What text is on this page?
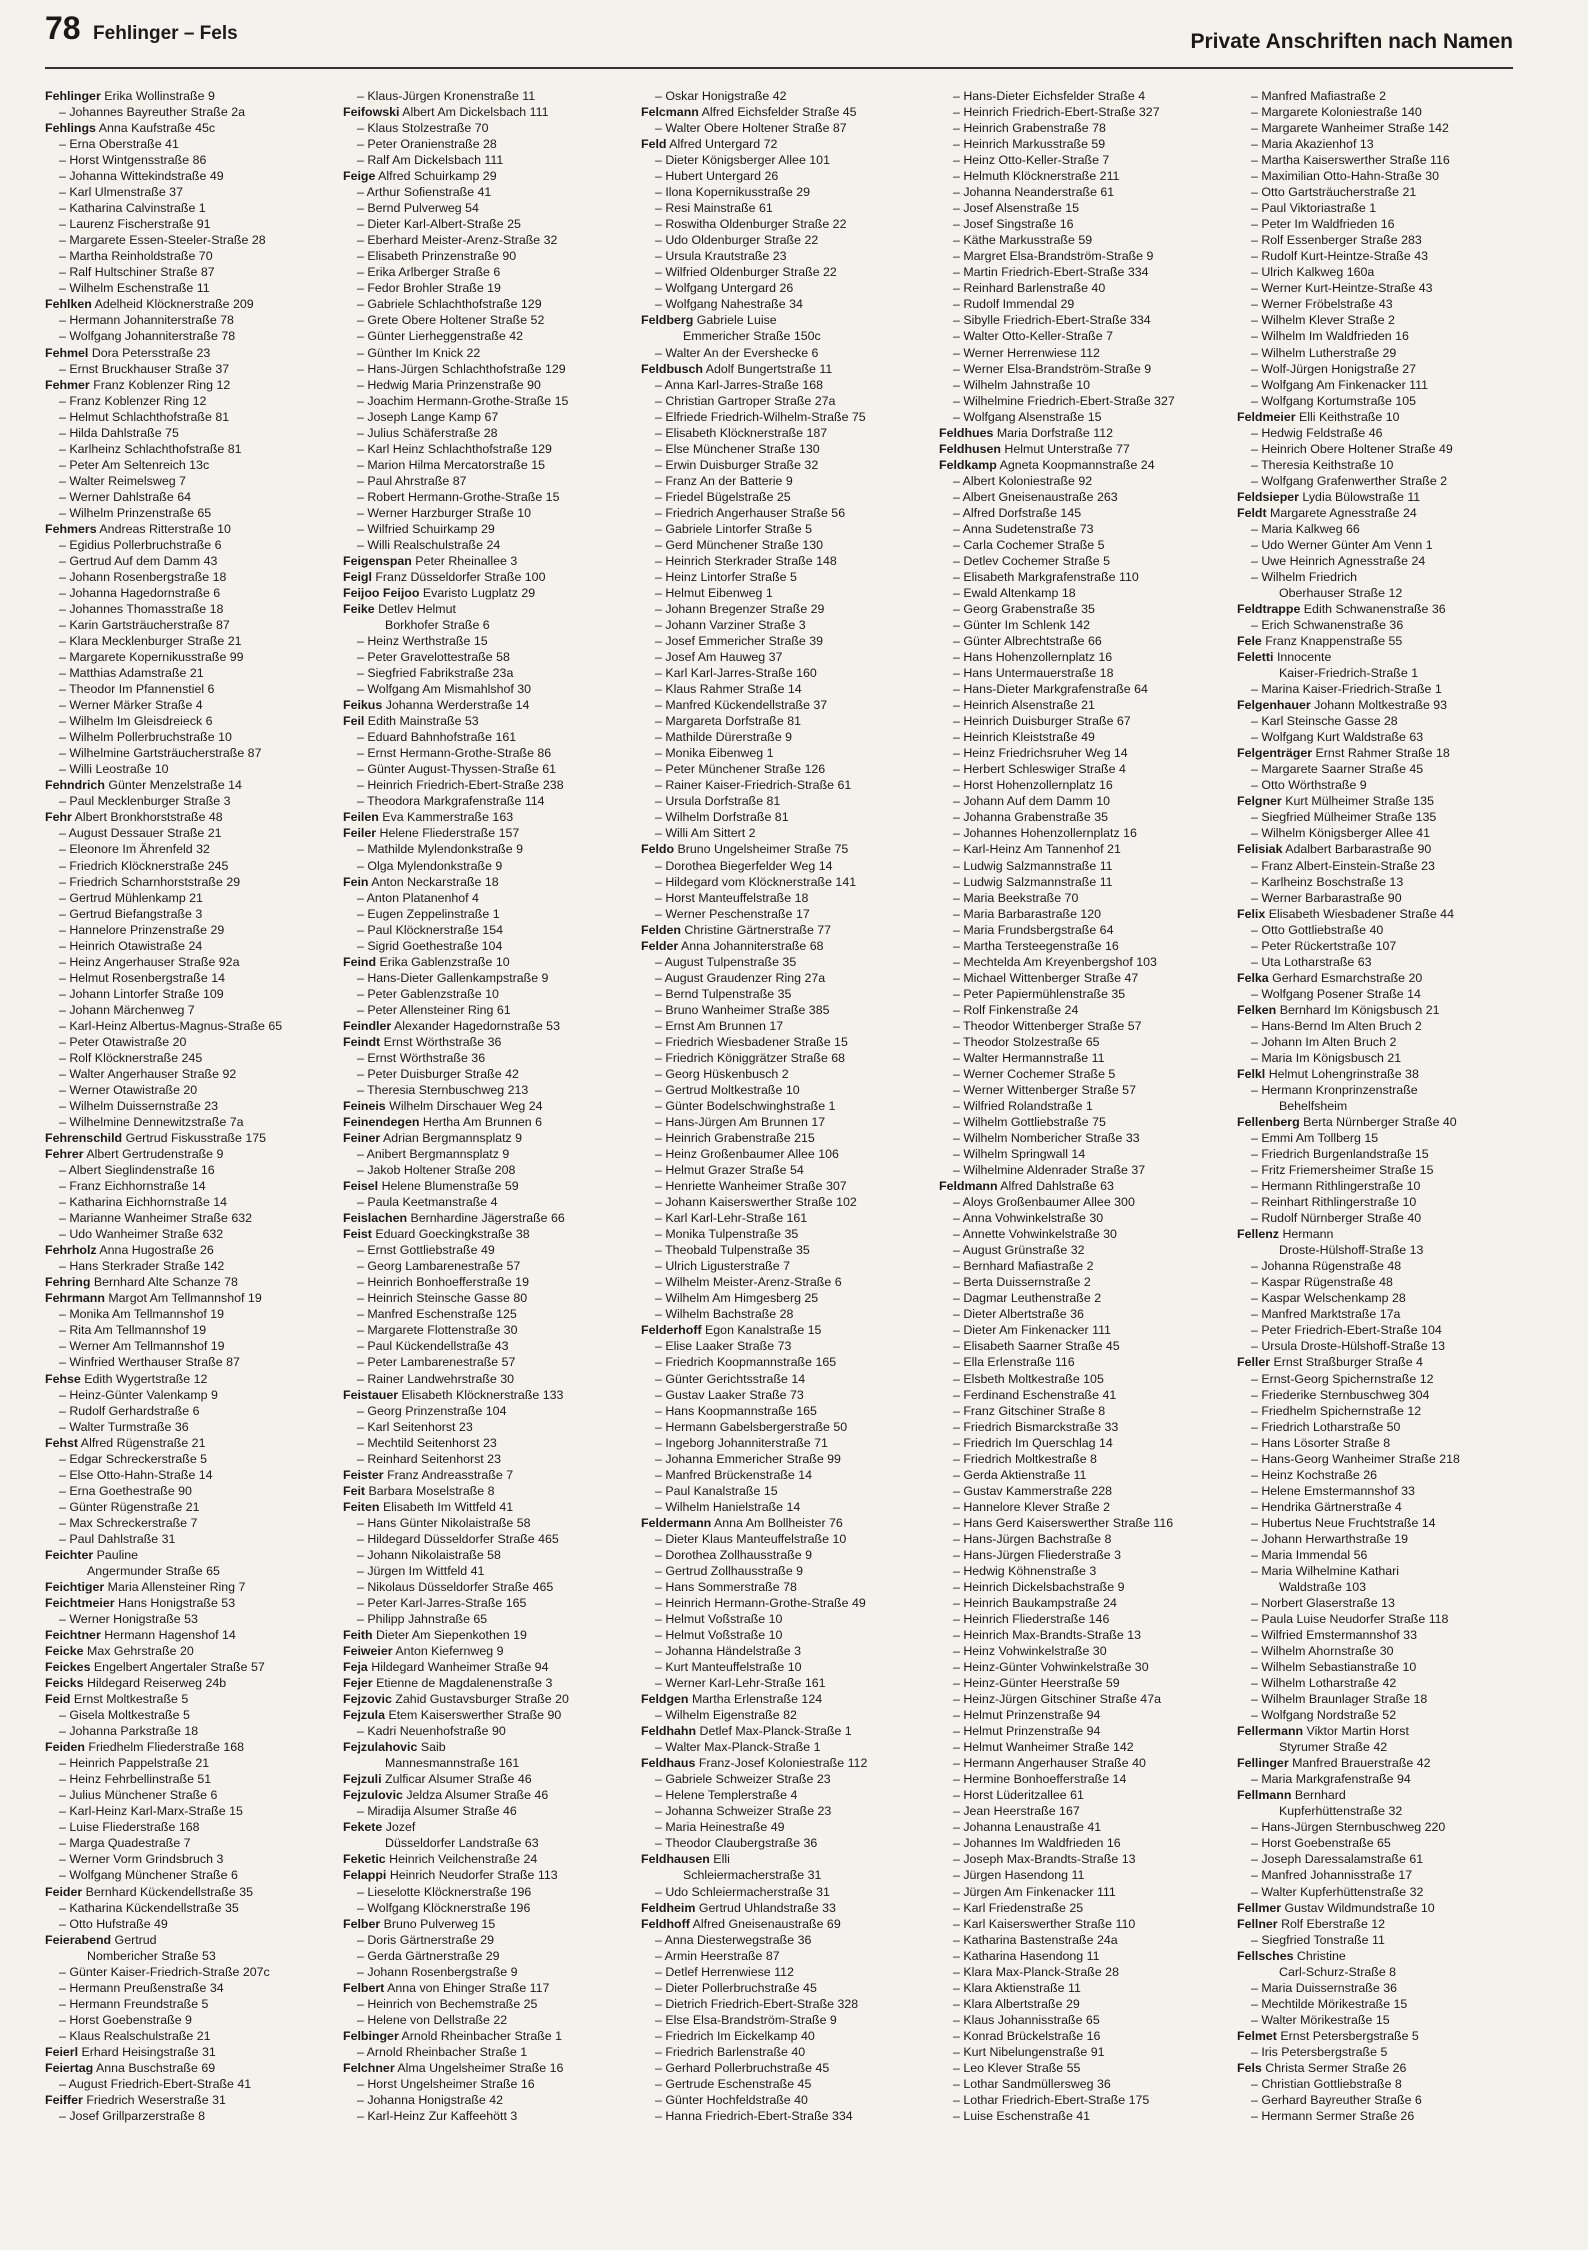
78 Fehlinger – Fels	Private Anschriften nach Namen
Fehlinger Erika Wollinstraße 9
– Johannes Bayreuther Straße 2a
Fehlings Anna Kaufstraße 45c
– Erna Oberstraße 41
– Horst Wintgensstraße 86
– Johanna Wittekindstraße 49
– Karl Ulmenstraße 37
– Katharina Calvinstraße 1
– Laurenz Fischerstraße 91
– Margarete Essen-Steeler-Straße 28
– Martha Reinholdstraße 70
– Ralf Hultschiner Straße 87
– Wilhelm Eschenstraße 11
Fehlken Adelheid Klöcknerstraße 209
– Hermann Johanniterstraße 78
– Wolfgang Johanniterstraße 78
Fehmel Dora Petersstraße 23
– Ernst Bruckhauser Straße 37
Fehmer Franz Koblenzer Ring 12
– Franz Koblenzer Ring 12
– Helmut Schlachthofstraße 81
– Hilda Dahlstraße 75
– Karlheinz Schlachthofstraße 81
– Peter Am Seltenreich 13c
– Walter Reimelsweg 7
– Werner Dahlstraße 64
– Wilhelm Prinzenstraße 65
Fehmers Andreas Ritterstraße 10
– Egidius Pollerbruchstraße 6
– Gertrud Auf dem Damm 43
– Johann Rosenbergstraße 18
– Johanna Hagedornstraße 6
– Johannes Thomasstraße 18
– Karin Gartsträucherstraße 87
– Klara Mecklenburger Straße 21
– Margarete Kopernikusstraße 99
– Matthias Adamstraße 21
– Theodor Im Pfannenstiel 6
– Werner Märker Straße 4
– Wilhelm Im Gleisdreieck 6
– Wilhelm Pollerbruchstraße 10
– Wilhelmine Gartsträucherstraße 87
– Willi Leostraße 10
Fehndrich Günter Menzelstraße 14
– Paul Mecklenburger Straße 3
Fehr Albert Bronkhorststraße 48
– August Dessauer Straße 21
– Eleonore Im Ährenfeld 32
– Friedrich Klöcknerstraße 245
– Friedrich Scharnhorststraße 29
– Gertrud Mühlenkamp 21
– Gertrud Biefangstraße 3
– Hannelore Prinzenstraße 29
– Heinrich Otawistraße 24
– Heinz Angerhauser Straße 92a
– Helmut Rosenbergstraße 14
– Johann Lintorfer Straße 109
– Johann Märchenweg 7
– Karl-Heinz Albertus-Magnus-Straße 65
– Peter Otawistraße 20
– Rolf Klöcknerstraße 245
– Walter Angerhauser Straße 92
– Werner Otawistraße 20
– Wilhelm Duissernstraße 23
– Wilhelmine Dennewitzstraße 7a
Fehrenschild Gertrud Fiskusstraße 175
Fehrer Albert Gertrudenstraße 9
– Albert Sieglindenstraße 16
– Franz Eichhornstraße 14
– Katharina Eichhornstraße 14
– Marianne Wanheimer Straße 632
– Udo Wanheimer Straße 632
Fehrholz Anna Hugostraße 26
– Hans Sterkrader Straße 142
Fehring Bernhard Alte Schanze 78
Fehrmann Margot Am Tellmannshof 19
– Monika Am Tellmannshof 19
– Rita Am Tellmannshof 19
– Werner Am Tellmannshof 19
– Winfried Werthauser Straße 87
Fehse Edith Wygertstraße 12
– Heinz-Günter Valenkamp 9
– Rudolf Gerhardstraße 6
– Walter Turmstraße 36
Fehst Alfred Rügenstraße 21
– Edgar Schreckerstraße 5
– Else Otto-Hahn-Straße 14
– Erna Goethestraße 90
– Günter Rügenstraße 21
– Max Schreckerstraße 7
– Paul Dahlstraße 31
Feichter Pauline
Angermunder Straße 65
Feichtiger Maria Allensteiner Ring 7
Feichtmeier Hans Honigstraße 53
– Werner Honigstraße 53
Feichtner Hermann Hagenshof 14
Feicke Max Gehrstraße 20
Feickes Engelbert Angertaler Straße 57
Feicks Hildegard Reiserweg 24b
Feid Ernst Moltkestraße 5
– Gisela Moltkestraße 5
– Johanna Parkstraße 18
Feiden Friedhelm Fliederstraße 168
– Heinrich Pappelstraße 21
– Heinz Fehrbellinstraße 51
– Julius Münchener Straße 6
– Karl-Heinz Karl-Marx-Straße 15
– Luise Fliederstraße 168
– Marga Quadestraße 7
– Werner Vorm Grindsbruch 3
– Wolfgang Münchener Straße 6
Feider Bernhard Kückendellstraße 35
– Katharina Kückendellstraße 35
– Otto Hufstraße 49
Feierabend Gertrud
Nombericher Straße 53
– Günter Kaiser-Friedrich-Straße 207c
– Hermann Preußenstraße 34
– Hermann Freundstraße 5
– Horst Goebenstraße 9
– Klaus Realschulstraße 21
Feierl Erhard Heisingstraße 31
Feiertag Anna Buschstraße 69
– August Friedrich-Ebert-Straße 41
Feiffer Friedrich Weserstraße 31
– Josef Grillparzerstraße 8
– Klaus-Jürgen Kronenstraße 11
Feifowski Albert Am Dickelsbach 111
– Klaus Stolzestraße 70
– Peter Oranienstraße 28
– Ralf Am Dickelsbach 111
Feige Alfred Schuirkamp 29
– Arthur Sofienstraße 41
– Bernd Pulverweg 54
– Dieter Karl-Albert-Straße 25
– Eberhard Meister-Arenz-Straße 32
– Elisabeth Prinzenstraße 90
– Erika Arlberger Straße 6
– Fedor Brohler Straße 19
– Gabriele Schlachthofstraße 129
– Grete Obere Holtener Straße 52
– Günter Lierheggenstraße 42
– Günther Im Knick 22
– Hans-Jürgen Schlachthofstraße 129
– Hedwig Maria Prinzenstraße 90
– Joachim Hermann-Grothe-Straße 15
– Joseph Lange Kamp 67
– Julius Schäferstraße 28
– Karl Heinz Schlachthofstraße 129
– Marion Hilma Mercatorstraße 15
– Paul Ahrstraße 87
– Robert Hermann-Grothe-Straße 15
– Werner Harzburger Straße 10
– Wilfried Schuirkamp 29
– Willi Realschulstraße 24
Feigenspan Peter Rheinallee 3
Feigl Franz Düsseldorfer Straße 100
Feijoo Feijoo Evaristo Lugplatz 29
Feike Detlev Helmut
Borkhofer Straße 6
– Heinz Werthstraße 15
– Peter Gravelottestraße 58
– Siegfried Fabrikstraße 23a
– Wolfgang Am Mismahlshof 30
Feikus Johanna Werderstraße 14
Feil Edith Mainstraße 53
– Eduard Bahnhofstraße 161
– Ernst Hermann-Grothe-Straße 86
– Günter August-Thyssen-Straße 61
– Heinrich Friedrich-Ebert-Straße 238
– Theodora Markgrafenstraße 114
Feilen Eva Kammerstraße 163
Feiler Helene Fliederstraße 157
– Mathilde Mylendonkstraße 9
– Olga Mylendonkstraße 9
Fein Anton Neckarstraße 18
– Anton Platanenhof 4
– Eugen Zeppelinstraße 1
– Paul Klöcknerstraße 154
– Sigrid Goethestraße 104
Feind Erika Gablenzstraße 10
– Hans-Dieter Gallenkampstraße 9
– Peter Gablenzstraße 10
– Peter Allensteiner Ring 61
Feindler Alexander Hagedornstraße 53
Feindt Ernst Wörthstraße 36
– Ernst Wörthstraße 36
– Peter Duisburger Straße 42
– Theresia Sternbuschweg 213
Feineis Wilhelm Dirschauer Weg 24
Feinendegen Hertha Am Brunnen 6
Feiner Adrian Bergmannsplatz 9
– Anibert Bergmannsplatz 9
– Jakob Holtener Straße 208
Feisel Helene Blumenstraße 59
– Paula Keetmanstraße 4
Feislachen Bernhardine Jägerstraße 66
Feist Eduard Goeckingkstraße 38
– Ernst Gottliebstraße 49
– Georg Lambarenestraße 57
– Heinrich Bonhoefferstraße 19
– Heinrich Steinsche Gasse 80
– Manfred Eschenstraße 125
– Margarete Flottenstraße 30
– Paul Kückendellstraße 43
– Peter Lambarenestraße 57
– Rainer Landwehrstraße 30
Feistauer Elisabeth Klöcknerstraße 133
– Georg Prinzenstraße 104
– Karl Seitenhorst 23
– Mechtild Seitenhorst 23
– Reinhard Seitenhorst 23
Feister Franz Andreasstraße 7
Feit Barbara Moselstraße 8
Feiten Elisabeth Im Wittfeld 41
– Hans Günter Nikolaistraße 58
– Hildegard Düsseldorfer Straße 465
– Johann Nikolaistraße 58
– Jürgen Im Wittfeld 41
– Nikolaus Düsseldorfer Straße 465
– Peter Karl-Jarres-Straße 165
– Philipp Jahnstraße 65
Feith Dieter Am Siepenkothen 19
Feiweier Anton Kiefernweg 9
Feja Hildegard Wanheimer Straße 94
Fejer Etienne de Magdalenenstraße 3
Fejzovic Zahid Gustavsburger Straße 20
Fejzula Etem Kaiserswerther Straße 90
– Kadri Neuenhofstraße 90
Fejzulahovic Saib
Mannesmannstraße 161
Fejzuli Zulficar Alsumer Straße 46
Fejzulovic Jeldza Alsumer Straße 46
– Miradija Alsumer Straße 46
Fekete Jozef
Düsseldorfer Landstraße 63
Feketic Heinrich Veilchenstraße 24
Felappi Heinrich Neudorfer Straße 113
– Lieselotte Klöcknerstraße 196
– Wolfgang Klöcknerstraße 196
Felber Bruno Pulverweg 15
– Doris Gärtnerstraße 29
– Gerda Gärtnerstraße 29
– Johann Rosenbergstraße 9
Felbert Anna von Ehinger Straße 117
– Heinrich von Bechemstraße 25
– Helene von Dellstraße 22
Felbinger Arnold Rheinbacher Straße 1
– Arnold Rheinbacher Straße 1
Felchner Alma Ungelsheimer Straße 16
– Horst Ungelsheimer Straße 16
– Johanna Honigstraße 42
– Karl-Heinz Zur Kaffeehött 3
– Oskar Honigstraße 42
Felcmann Alfred Eichsfelder Straße 45
– Walter Obere Holtener Straße 87
Feld Alfred Untergard 72
– Dieter Königsberger Allee 101
– Hubert Untergard 26
– Ilona Kopernikusstraße 29
– Resi Mainstraße 61
– Roswitha Oldenburger Straße 22
– Udo Oldenburger Straße 22
– Ursula Krautstraße 23
– Wilfried Oldenburger Straße 22
– Wolfgang Untergard 26
– Wolfgang Nahestraße 34
Feldberg Gabriele Luise
Emmericher Straße 150c
– Walter An der Evershecke 6
Feldbusch Adolf Bungertstraße 11
– Anna Karl-Jarres-Straße 168
– Christian Gartroper Straße 27a
– Elfriede Friedrich-Wilhelm-Straße 75
– Elisabeth Klöcknerstraße 187
– Else Münchener Straße 130
– Erwin Duisburger Straße 32
– Franz An der Batterie 9
– Friedel Bügelstraße 25
– Friedrich Angerhauser Straße 56
– Gabriele Lintorfer Straße 5
– Gerd Münchener Straße 130
– Heinrich Sterkrader Straße 148
– Heinz Lintorfer Straße 5
– Helmut Eibenweg 1
– Johann Bregenzer Straße 29
– Johann Varziner Straße 3
– Josef Emmericher Straße 39
– Josef Am Hauweg 37
– Karl Karl-Jarres-Straße 160
– Klaus Rahmer Straße 14
– Manfred Kückendellstraße 37
– Margareta Dorfstraße 81
– Mathilde Dürerstraße 9
– Monika Eibenweg 1
– Peter Münchener Straße 126
– Rainer Kaiser-Friedrich-Straße 61
– Ursula Dorfstraße 81
– Wilhelm Dorfstraße 81
– Willi Am Sittert 2
Feldo Bruno Ungelsheimer Straße 75
– Dorothea Biegerfelder Weg 14
– Hildegard vom Klöcknerstraße 141
– Horst Manteuffelstraße 18
– Werner Peschenstraße 17
Felden Christine Gärtnerstraße 77
Felder Anna Johanniterstraße 68
– August Tulpenstraße 35
– August Graudenzer Ring 27a
– Bernd Tulpenstraße 35
– Bruno Wanheimer Straße 385
– Ernst Am Brunnen 17
– Friedrich Wiesbadener Straße 15
– Friedrich Königgrätzer Straße 68
– Georg Hüskenbusch 2
– Gertrud Moltkestraße 10
– Günter Bodelschwinghstraße 1
– Hans-Jürgen Am Brunnen 17
– Heinrich Grabenstraße 215
– Heinz Großenbaumer Allee 106
– Helmut Grazer Straße 54
– Henriette Wanheimer Straße 307
– Johann Kaiserswerther Straße 102
– Karl Karl-Lehr-Straße 161
– Monika Tulpenstraße 35
– Theobald Tulpenstraße 35
– Ulrich Ligusterstraße 7
– Wilhelm Meister-Arenz-Straße 6
– Wilhelm Am Himgesberg 25
– Wilhelm Bachstraße 28
Felderhoff Egon Kanalstraße 15
– Elise Laaker Straße 73
– Friedrich Koopmannstraße 165
– Günter Gerichtsstraße 14
– Gustav Laaker Straße 73
– Hans Koopmannstraße 165
– Hermann Gabelsbergerstraße 50
– Ingeborg Johanniterstraße 71
– Johanna Emmericher Straße 99
– Manfred Brückenstraße 14
– Paul Kanalstraße 15
– Wilhelm Hanielstraße 14
Feldermann Anna Am Bollheister 76
– Dieter Klaus Manteuffelstraße 10
– Dorothea Zollhausstraße 9
– Gertrud Zollhausstraße 9
– Hans Sommerstraße 78
– Heinrich Hermann-Grothe-Straße 49
– Helmut Voßstraße 10
– Helmut Voßstraße 10
– Johanna Händelstraße 3
– Kurt Manteuffelstraße 10
– Werner Karl-Lehr-Straße 161
Feldgen Martha Erlenstraße 124
– Wilhelm Eigenstraße 82
Feldhahn Detlef Max-Planck-Straße 1
– Walter Max-Planck-Straße 1
Feldhaus Franz-Josef Koloniestraße 112
– Gabriele Schweizer Straße 23
– Helene Templerstraße 4
– Johanna Schweizer Straße 23
– Maria Heinestraße 49
– Theodor Claubergstraße 36
Feldhausen Elli
Schleiermacherstraße 31
– Udo Schleiermacherstraße 31
Feldheim Gertrud Uhlandstraße 33
Feldhoff Alfred Gneisenaustraße 69
– Anna Diesterwegstraße 36
– Armin Heerstraße 87
– Detlef Herrenwiese 112
– Dieter Pollerbruchstraße 45
– Dietrich Friedrich-Ebert-Straße 328
– Else Elsa-Brandström-Straße 9
– Friedrich Im Eickelkamp 40
– Friedrich Barlenstraße 40
– Gerhard Pollerbruchstraße 45
– Gertrude Eschenstraße 45
– Günter Hochfeldstraße 40
– Hanna Friedrich-Ebert-Straße 334
– Hans-Dieter Eichsfelder Straße 4
– Heinrich Friedrich-Ebert-Straße 327
– Heinrich Grabenstraße 78
– Heinrich Markusstraße 59
– Heinz Otto-Keller-Straße 7
– Helmuth Klöcknerstraße 211
– Johanna Neanderstraße 61
– Josef Alsenstraße 15
– Josef Singstraße 16
– Käthe Markusstraße 59
– Margret Elsa-Brandström-Straße 9
– Martin Friedrich-Ebert-Straße 334
– Reinhard Barlenstraße 40
– Rudolf Immendal 29
– Sibylle Friedrich-Ebert-Straße 334
– Walter Otto-Keller-Straße 7
– Werner Herrenwiese 112
– Werner Elsa-Brandström-Straße 9
– Wilhelm Jahnstraße 10
– Wilhelmine Friedrich-Ebert-Straße 327
– Wolfgang Alsenstraße 15
Feldhues Maria Dorfstraße 112
Feldhusen Helmut Unterstraße 77
Feldkamp Agneta Koopmannstraße 24
– Albert Koloniestraße 92
– Albert Gneisenaustraße 263
– Alfred Dorfstraße 145
– Anna Sudetenstraße 73
– Carla Cochemer Straße 5
– Detlev Cochemer Straße 5
– Elisabeth Markgrafenstraße 110
– Ewald Altenkamp 18
– Georg Grabenstraße 35
– Günter Im Schlenk 142
– Günter Albrechtstraße 66
– Hans Hohenzollernplatz 16
– Hans Untermauerstraße 18
– Hans-Dieter Markgrafenstraße 64
– Heinrich Alsenstraße 21
– Heinrich Duisburger Straße 67
– Heinrich Kleiststraße 49
– Heinz Friedrichsruher Weg 14
– Herbert Schleswiger Straße 4
– Horst Hohenzollernplatz 16
– Johann Auf dem Damm 10
– Johanna Grabenstraße 35
– Johannes Hohenzollernplatz 16
– Karl-Heinz Am Tannenhof 21
– Ludwig Salzmannstraße 11
– Ludwig Salzmannstraße 11
– Maria Beekstraße 70
– Maria Barbarastraße 120
– Maria Frundsbergstraße 64
– Martha Tersteegenstraße 16
– Mechtelda Am Kreyenbergshof 103
– Michael Wittenberger Straße 47
– Peter Papiermühlenstraße 35
– Rolf Finkenstraße 24
– Theodor Wittenberger Straße 57
– Theodor Stolzestraße 65
– Walter Hermannstraße 11
– Werner Cochemer Straße 5
– Werner Wittenberger Straße 57
– Wilfried Rolandstraße 1
– Wilhelm Gottliebstraße 75
– Wilhelm Nombericher Straße 33
– Wilhelm Springwall 14
– Wilhelmine Aldenrader Straße 37
Feldmann Alfred Dahlstraße 63
– Aloys Großenbaumer Allee 300
– Anna Vohwinkelstraße 30
– Annette Vohwinkelstraße 30
– August Grünstraße 32
– Bernhard Mafiastraße 2
– Berta Duissernstraße 2
– Dagmar Leuthenstraße 2
– Dieter Albertstraße 36
– Dieter Am Finkenacker 111
– Elisabeth Saarner Straße 45
– Ella Erlenstraße 116
– Elsbeth Moltkestraße 105
– Ferdinand Eschenstraße 41
– Franz Gitschiner Straße 8
– Friedrich Bismarckstraße 33
– Friedrich Im Querschlag 14
– Friedrich Moltkestraße 8
– Gerda Aktienstraße 11
– Gustav Kammerstraße 228
– Hannelore Klever Straße 2
– Hans Gerd Kaiserswerther Straße 116
– Hans-Jürgen Bachstraße 8
– Hans-Jürgen Fliederstraße 3
– Hedwig Köhnenstraße 3
– Heinrich Dickelsbachstraße 9
– Heinrich Baukampstraße 24
– Heinrich Fliederstraße 146
– Heinrich Max-Brandts-Straße 13
– Heinz Vohwinkelstraße 30
– Heinz-Günter Vohwinkelstraße 30
– Heinz-Günter Heerstraße 59
– Heinz-Jürgen Gitschiner Straße 47a
– Helmut Prinzenstraße 94
– Helmut Prinzenstraße 94
– Helmut Wanheimer Straße 142
– Hermann Angerhauser Straße 40
– Hermine Bonhoefferstraße 14
– Horst Lüderitzallee 61
– Jean Heerstraße 167
– Johanna Lenaustraße 41
– Johannes Im Waldfrieden 16
– Joseph Max-Brandts-Straße 13
– Jürgen Hasendong 11
– Jürgen Am Finkenacker 111
– Karl Friedenstraße 25
– Karl Kaiserswerther Straße 110
– Katharina Bastenstraße 24a
– Katharina Hasendong 11
– Klara Max-Planck-Straße 28
– Klara Aktienstraße 11
– Klara Albertstraße 29
– Klaus Johannisstraße 65
– Konrad Brückelstraße 16
– Kurt Nibelungenstraße 91
– Leo Klever Straße 55
– Lothar Sandmüllersweg 36
– Lothar Friedrich-Ebert-Straße 175
– Luise Eschenstraße 41
– Manfred Mafiastraße 2
– Margarete Koloniestraße 140
– Margarete Wanheimer Straße 142
– Maria Akazienhof 13
– Martha Kaiserswerther Straße 116
– Maximilian Otto-Hahn-Straße 30
– Otto Gartsträucherstraße 21
– Paul Viktoriastraße 1
– Peter Im Waldfrieden 16
– Rolf Essenberger Straße 283
– Rudolf Kurt-Heintze-Straße 43
– Ulrich Kalkweg 160a
– Werner Kurt-Heintze-Straße 43
– Werner Fröbelstraße 43
– Wilhelm Klever Straße 2
– Wilhelm Im Waldfrieden 16
– Wilhelm Lutherstraße 29
– Wolf-Jürgen Honigstraße 27
– Wolfgang Am Finkenacker 111
– Wolfgang Kortumstraße 105
Feldmeier Elli Keithstraße 10
– Hedwig Feldstraße 46
– Heinrich Obere Holtener Straße 49
– Theresia Keithstraße 10
– Wolfgang Grafenwerther Straße 2
Feldsieper Lydia Bülowstraße 11
Feldt Margarete Agnesstraße 24
– Maria Kalkweg 66
– Udo Werner Günter Am Venn 1
– Uwe Heinrich Agnesstraße 24
– Wilhelm Friedrich
Oberhauser Straße 12
Feldtrappe Edith Schwanenstraße 36
– Erich Schwanenstraße 36
Fele Franz Knappenstraße 55
Feletti Innocente
Kaiser-Friedrich-Straße 1
– Marina Kaiser-Friedrich-Straße 1
Felgenhauer Johann Moltkestraße 93
– Karl Steinsche Gasse 28
– Wolfgang Kurt Waldstraße 63
Felgenträger Ernst Rahmer Straße 18
– Margarete Saarner Straße 45
– Otto Wörthstraße 9
Felgner Kurt Mülheimer Straße 135
– Siegfried Mülheimer Straße 135
– Wilhelm Königsberger Allee 41
Felisiak Adalbert Barbarastraße 90
– Franz Albert-Einstein-Straße 23
– Karlheinz Boschstraße 13
– Werner Barbarastraße 90
Felix Elisabeth Wiesbadener Straße 44
– Otto Gottliebstraße 40
– Peter Rückertstraße 107
– Uta Lotharstraße 63
Felka Gerhard Esmarchstraße 20
– Wolfgang Posener Straße 14
Felken Bernhard Im Königsbusch 21
– Hans-Bernd Im Alten Bruch 2
– Johann Im Alten Bruch 2
– Maria Im Königsbusch 21
Felkl Helmut Lohengrinstraße 38
– Hermann Kronprinzenstraße
Behelfsheim
Fellenberg Berta Nürnberger Straße 40
– Emmi Am Tollberg 15
– Friedrich Burgenlandstraße 15
– Fritz Friemersheimer Straße 15
– Hermann Rithlingerstraße 10
– Reinhart Rithlingerstraße 10
– Rudolf Nürnberger Straße 40
Fellenz Hermann
Droste-Hülshoff-Straße 13
– Johanna Rügenstraße 48
– Kaspar Rügenstraße 48
– Kaspar Welschenkamp 28
– Manfred Marktstraße 17a
– Peter Friedrich-Ebert-Straße 104
– Ursula Droste-Hülshoff-Straße 13
Feller Ernst Straßburger Straße 4
– Ernst-Georg Spichernstraße 12
– Friederike Sternbuschweg 304
– Friedhelm Spichernstraße 12
– Friedrich Lotharstraße 50
– Hans Lösorter Straße 8
– Hans-Georg Wanheimer Straße 218
– Heinz Kochstraße 26
– Helene Emstermannshof 33
– Hendrika Gärtnerstraße 4
– Hubertus Neue Fruchtstraße 14
– Johann Herwarthstraße 19
– Maria Immendal 56
– Maria Wilhelmine Kathari
Waldstraße 103
– Norbert Glaserstraße 13
– Paula Luise Neudorfer Straße 118
– Wilfried Emstermannshof 33
– Wilhelm Ahornstraße 30
– Wilhelm Sebastianstraße 10
– Wilhelm Lotharstraße 42
– Wilhelm Braunlager Straße 18
– Wolfgang Nordstraße 52
Fellermann Viktor Martin Horst
Styrumer Straße 42
Fellinger Manfred Brauerstraße 42
– Maria Markgrafenstraße 94
Fellmann Bernhard
Kupferhüttenstraße 32
– Hans-Jürgen Sternbuschweg 220
– Horst Goebenstraße 65
– Joseph Daressalamstraße 61
– Manfred Johannisstraße 17
– Walter Kupferhüttenstraße 32
Fellmer Gustav Wildmundstraße 10
Fellner Rolf Eberstraße 12
– Siegfried Tonstraße 11
Fellsches Christine
Carl-Schurz-Straße 8
– Maria Duissernstraße 36
– Mechtilde Mörikestraße 15
– Walter Mörikestraße 15
Felmet Ernst Petersbergstraße 5
– Iris Petersbergstraße 5
Fels Christa Sermer Straße 26
– Christian Gottliebstraße 8
– Gerhard Bayreuther Straße 6
– Hermann Sermer Straße 26
